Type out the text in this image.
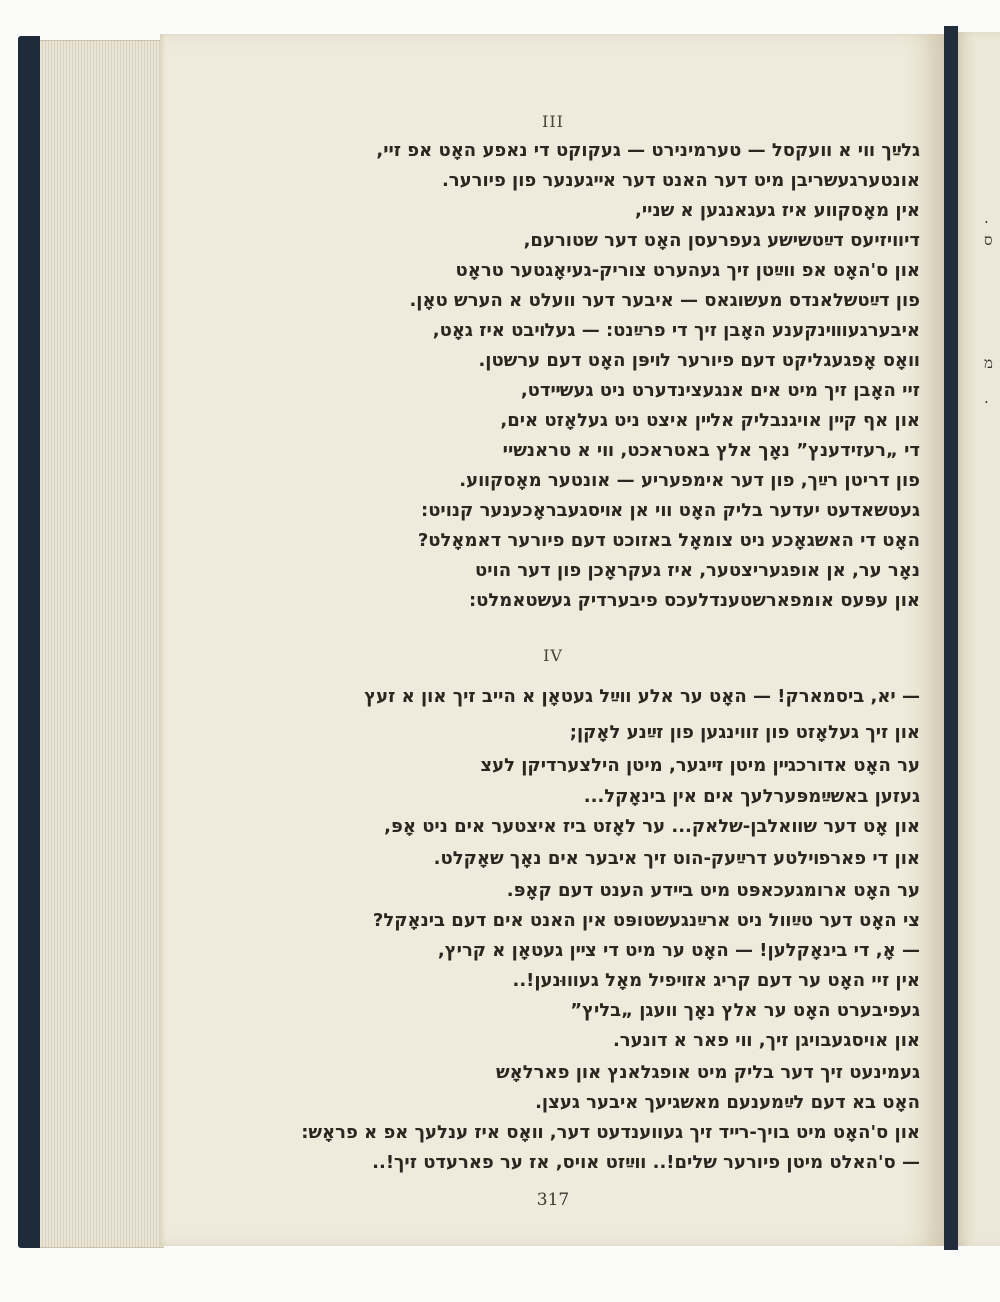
III
גלײַך װי א װעקסל — טערמינירט — געקוקט די נאפע האָט אפ זיי,
אונטערגעשריבן מיט דער האנט דער אײגענער פון פיורער.
אין מאָסקװע איז געגאנגען א שניי,
דיװיזיעס דײַטשישע געפרעסן האָט דער שטורעם,
און ס'האָט אפ װײַטן זיך געהערט צוריק-געיאָגטער טראָט
פון דײַטשלאנדס מעשוגאס — איבער דער װעלט א הערש טאָן.
איבערגעװױנקענע האָבן זיך די פרײַנט: — געלױבט איז גאָט,
װאָס אָפגעגליקט דעם פיורער לױפּן האָט דעם ערשטן.
זיי האָבן זיך מיט אים אנגעצינדערט ניט געשײדט,
און אף קײן אויגנבליק אלײן איצט ניט געלאָזט אים,
די „רעזידענץ” נאָך אלץ באטראכט, װי א טראנשיי
פון דריטן רײַך, פון דער אימפעריע — אונטער מאָסקװע.
געטשאדעט יעדער בליק האָט װי אן אױסגעבראָכענער קנויט:
האָט די האשגאָכע ניט צומאָל באזוכט דעם פיורער דאמאָלט?
נאָר ער, אן אופגעריצטער, איז געקראָכן פון דער הויט
און עפּעס אומפארשטענדלעכס פיבערדיק געשטאמלט:
IV
— יא, ביסמארק! — האָט ער אלע װײַל געטאָן א הייב זיך און א זעץ
און זיך געלאָזט פון זװינגען פון זײַנע לאָקן;
ער האָט אדורכגײן מיטן זײגער, מיטן הילצערדיקן לעצ
געזען באשײַמפּערלעך אים אין בינאָקל...
און אָט דער שװאלבן-שלאק... ער לאָזט ביז איצטער אים ניט אָפּ,
און די פארפױלטע דרײַעק-הוט זיך איבער אים נאָך שאָקלט.
ער האָט ארומגעכאפּט מיט בײדע הענט דעם קאָפּ.
צי האָט דער טײַװל ניט ארײַנגעשטופּט אין האנט אים דעם בינאָקל?
— אָ, די בינאָקלען! — האָט ער מיט די צײן געטאָן א קריץ,
אין זיי האָט ער דעם קריג אזױפיל מאָל געװוּנען!..
געפיבערט האָט ער אלץ נאָך װעגן „בליץ”
און אויסגעבויגן זיך, װי פאר א דונער.
געמינעט זיך דער בליק מיט אופגלאנץ און פארלאָש
האָט בא דעם לײַמענעם מאשגיעך איבער געצן.
און ס'האָט מיט בויך-רײד זיך געװענדעט דער, װאָס איז ענלעך אפ א פראָש:
— ס'האלט מיטן פיורער שלים!.. װײַזט אויס, אז ער פארעדט זיך!..
317
.
ס
מ
.
